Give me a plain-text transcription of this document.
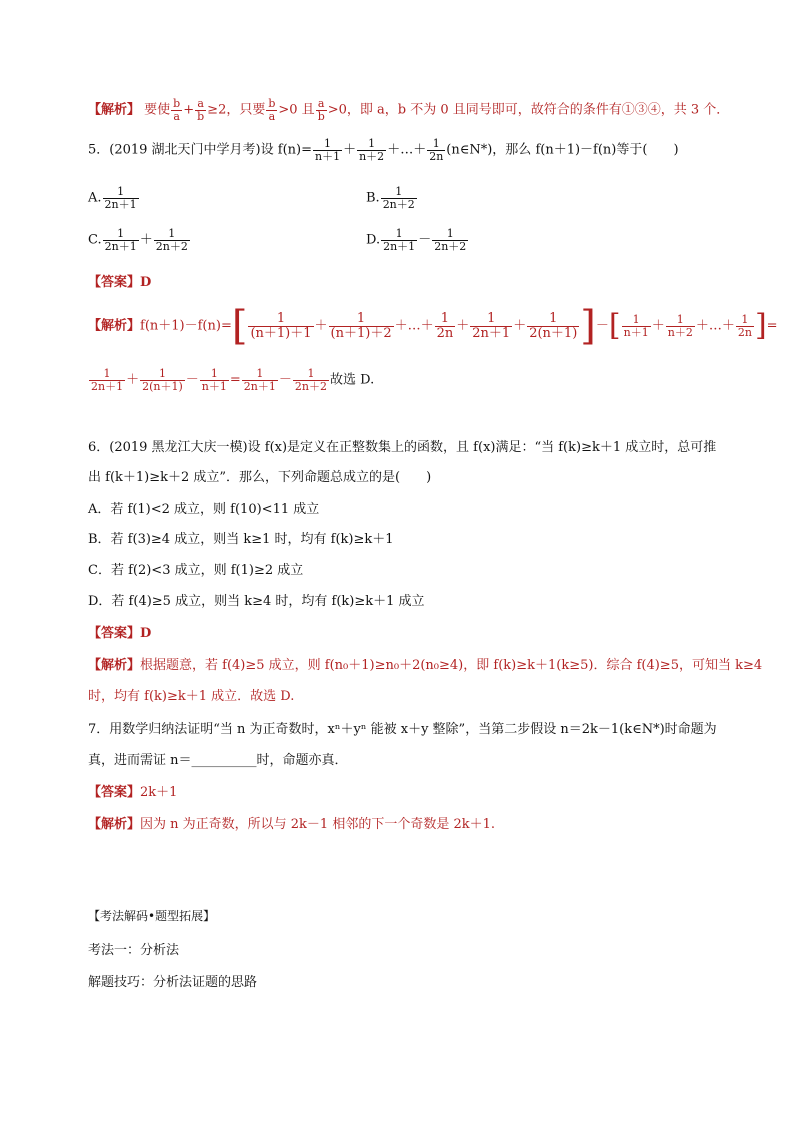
【解析】 要使 $\frac{b}{a} + \frac{a}{b} \ge 2$，只要 $\frac{b}{a} >0$ 且 $\frac{a}{b} >0$，即 a，b 不为 0 且同号即可，故符合的条件有①③④，共 3 个．
5．(2019 湖北天门中学月考)设 $f(n)= \frac{1}{n+1} + \frac{1}{n+2}$ ＋…＋ $\frac{1}{2n}$ (n∈N*)，那么 f(n＋1)－f(n)等于(　　)
A. $\frac{1}{2n+1}$	B. $\frac{1}{2n+2}$
C. $\frac{1}{2n+1} + \frac{1}{2n+2}$	D. $\frac{1}{2n+1} - \frac{1}{2n+2}$
【答案】D
【解析】$f(n+1)-f(n)=[ \frac{1}{(n+1)+1} + \frac{1}{(n+1)+2}$ ＋…＋ $\frac{1}{2n} + \frac{1}{2n+1} + \frac{1}{2(n+1)}$ ]－[ $\frac{1}{n+1} + \frac{1}{n+2}$ ＋…＋ $\frac{1}{2n}$ ]=
$\frac{1}{2n+1} + \frac{1}{2(n+1)} - \frac{1}{n+1} = \frac{1}{2n+1} - \frac{1}{2n+2}$ 故选 D.
6．(2019 黑龙江大庆一模)设 f(x)是定义在正整数集上的函数，且 f(x)满足：“当 f(k)≥k＋1 成立时，总可推
出 f(k＋1)≥k＋2 成立”．那么，下列命题总成立的是(　　)
A．若 f(1)<2 成立，则 f(10)<11 成立
B．若 f(3)≥4 成立，则当 k≥1 时，均有 f(k)≥k＋1
C．若 f(2)<3 成立，则 f(1)≥2 成立
D．若 f(4)≥5 成立，则当 k≥4 时，均有 f(k)≥k＋1 成立
【答案】D
【解析】根据题意，若 f(4)≥5 成立，则 f(n₀＋1)≥n₀＋2(n₀≥4)，即 f(k)≥k＋1(k≥5)．综合 f(4)≥5，可知当 k≥4
时，均有 f(k)≥k＋1 成立．故选 D.
7．用数学归纳法证明“当 n 为正奇数时，xⁿ＋yⁿ 能被 x＋y 整除”，当第二步假设 n＝2k－1(k∈N*)时命题为
真，进而需证 n＝__________时，命题亦真．
【答案】2k＋1
【解析】因为 n 为正奇数，所以与 2k－1 相邻的下一个奇数是 2k＋1.
【考法解码•题型拓展】
考法一：分析法
解题技巧：分析法证题的思路
